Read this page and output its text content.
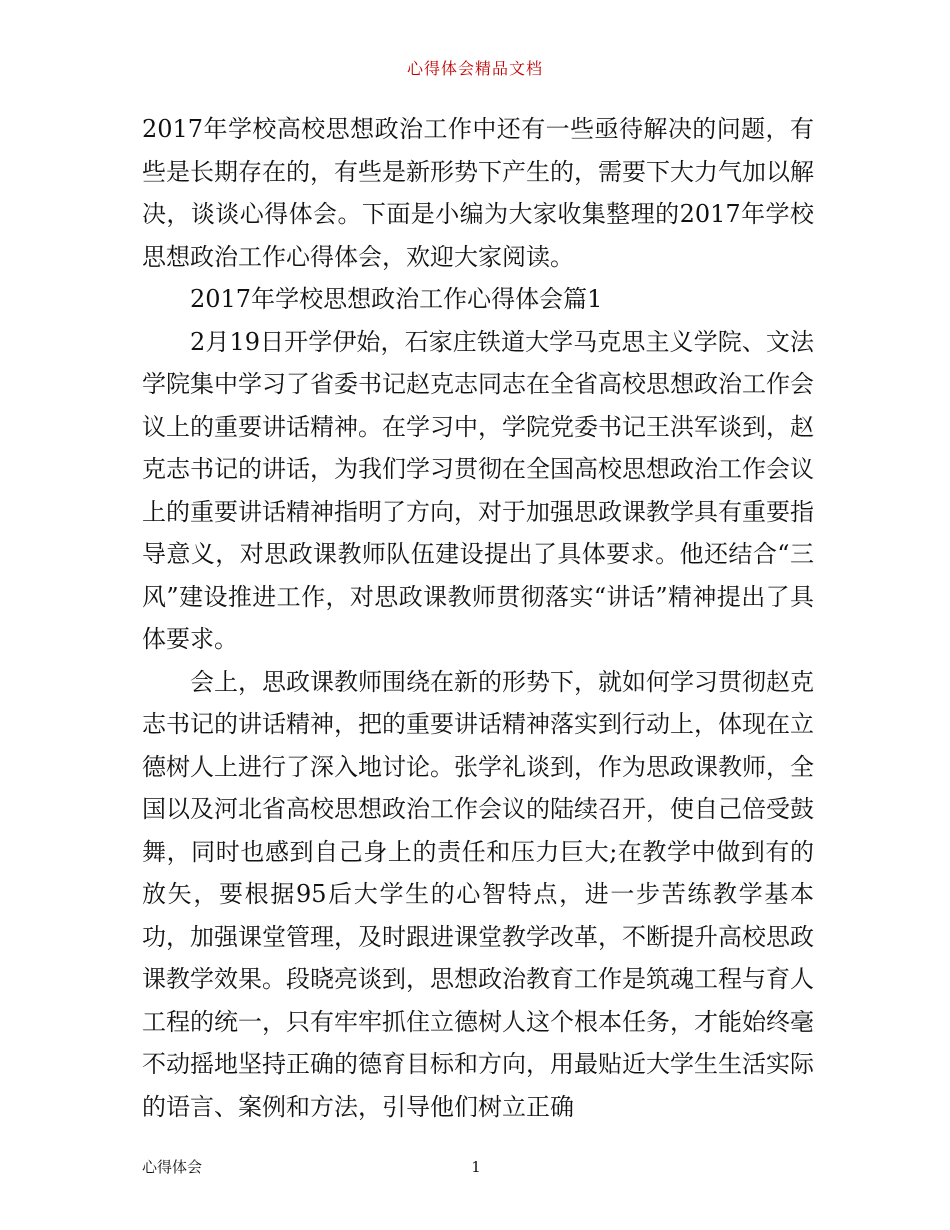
心得体会精品文档

2017年学校高校思想政治工作中还有一些亟待解决的问题，有些是长期存在的，有些是新形势下产生的，需要下大力气加以解决，谈谈心得体会。下面是小编为大家收集整理的2017年学校思想政治工作心得体会，欢迎大家阅读。

2017年学校思想政治工作心得体会篇1

2月19日开学伊始，石家庄铁道大学马克思主义学院、文法学院集中学习了省委书记赵克志同志在全省高校思想政治工作会议上的重要讲话精神。在学习中，学院党委书记王洪军谈到，赵克志书记的讲话，为我们学习贯彻在全国高校思想政治工作会议上的重要讲话精神指明了方向，对于加强思政课教学具有重要指导意义，对思政课教师队伍建设提出了具体要求。他还结合“三风”建设推进工作，对思政课教师贯彻落实“讲话”精神提出了具体要求。

会上，思政课教师围绕在新的形势下，就如何学习贯彻赵克志书记的讲话精神，把的重要讲话精神落实到行动上，体现在立德树人上进行了深入地讨论。张学礼谈到，作为思政课教师，全国以及河北省高校思想政治工作会议的陆续召开，使自己倍受鼓舞，同时也感到自己身上的责任和压力巨大;在教学中做到有的放矢，要根据95后大学生的心智特点，进一步苦练教学基本功，加强课堂管理，及时跟进课堂教学改革，不断提升高校思政课教学效果。段晓亮谈到，思想政治教育工作是筑魂工程与育人工程的统一，只有牢牢抓住立德树人这个根本任务，才能始终毫不动摇地坚持正确的德育目标和方向，用最贴近大学生生活实际的语言、案例和方法，引导他们树立正确

心得体会	1
